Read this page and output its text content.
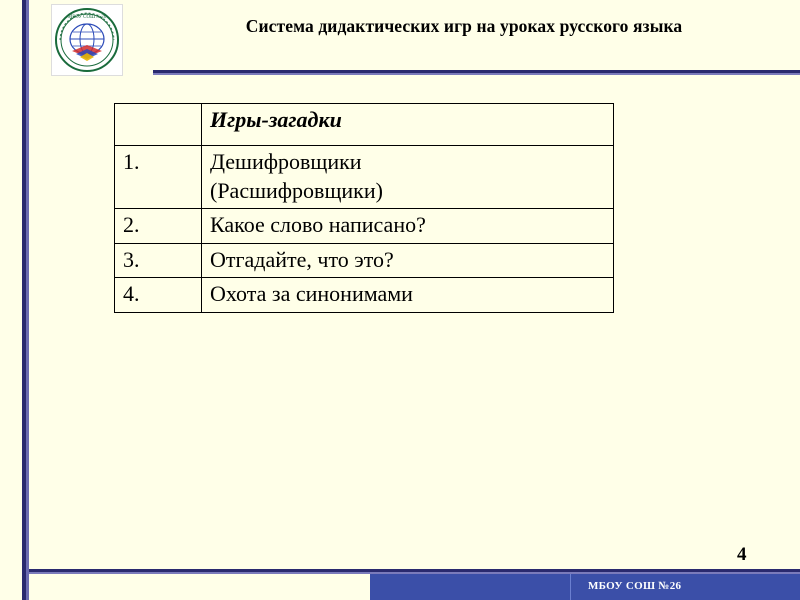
МБОУ СОШ №26	Система дидактических игр на уроках русского языка
	Игры-загадки
1.	Дешифровщики
(Расшифровщики)

2.	Какое слово написано?
3.	Отгадайте, что это?
4.	Охота за синонимами
4
МБОУ СОШ №26
